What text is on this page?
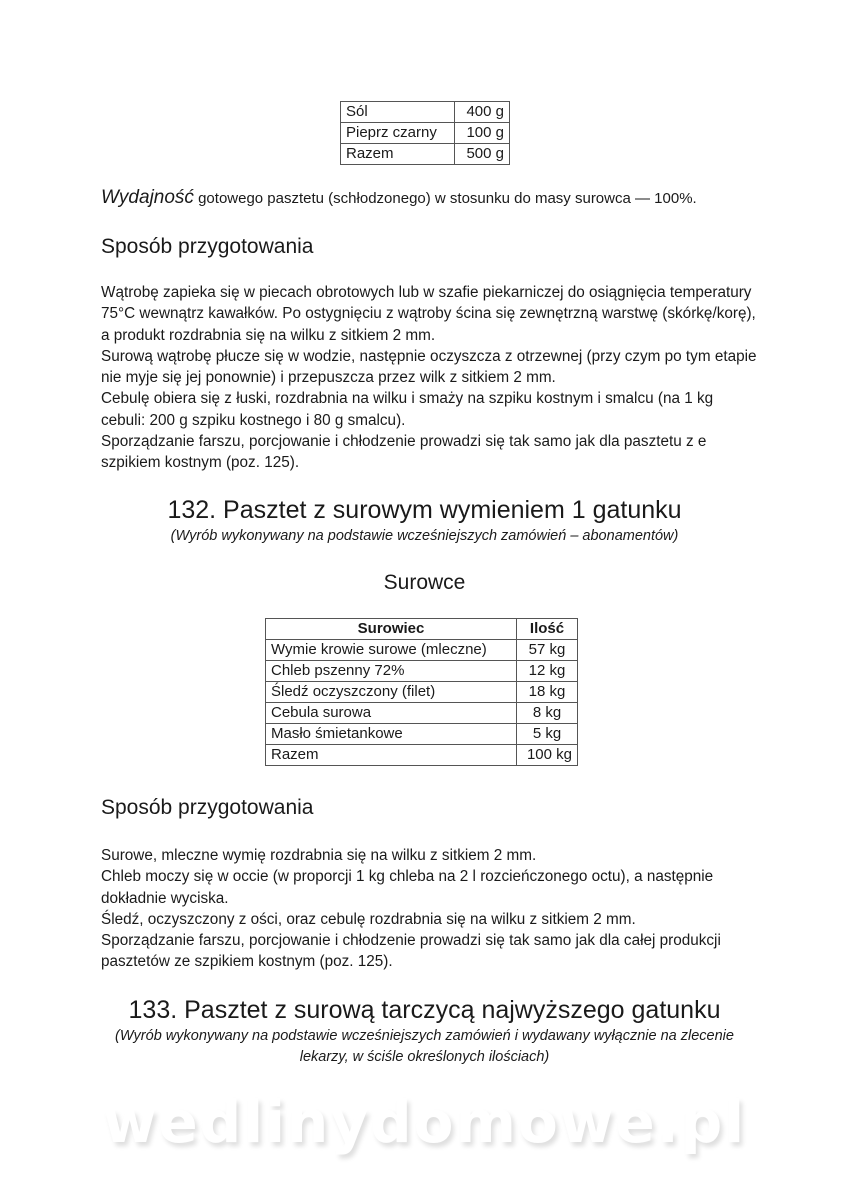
Sól	400 g
Pieprz czarny	100 g
Razem	500 g
Wydajność gotowego pasztetu (schłodzonego) w stosunku do masy surowca — 100%.
Sposób przygotowania

Wątrobę zapieka się w piecach obrotowych lub w szafie piekarniczej do osiągnięcia temperatury 75°C wewnątrz kawałków. Po ostygnięciu z wątroby ścina się zewnętrzną warstwę (skórkę/korę), a produkt rozdrabnia się na wilku z sitkiem 2 mm.

Surową wątrobę płucze się w wodzie, następnie oczyszcza z otrzewnej (przy czym po tym etapie nie myje się jej ponownie) i przepuszcza przez wilk z sitkiem 2 mm.

Cebulę obiera się z łuski, rozdrabnia na wilku i smaży na szpiku kostnym i smalcu (na 1 kg cebuli: 200 g szpiku kostnego i 80 g smalcu).

Sporządzanie farszu, porcjowanie i chłodzenie prowadzi się tak samo jak dla pasztetu z e szpikiem kostnym (poz. 125).

132. Pasztet z surowym wymieniem 1 gatunku

(Wyrób wykonywany na podstawie wcześniejszych zamówień – abonamentów)

Surowce
Surowiec	Ilość
Wymie krowie surowe (mleczne)	57 kg
Chleb pszenny 72%	12 kg
Śledź oczyszczony (filet)	18 kg
Cebula surowa	8 kg
Masło śmietankowe	5 kg
Razem	100 kg
Sposób przygotowania

Surowe, mleczne wymię rozdrabnia się na wilku z sitkiem 2 mm.

Chleb moczy się w occie (w proporcji 1 kg chleba na 2 l rozcieńczonego octu), a następnie dokładnie wyciska.

Śledź, oczyszczony z ości, oraz cebulę rozdrabnia się na wilku z sitkiem 2 mm.

Sporządzanie farszu, porcjowanie i chłodzenie prowadzi się tak samo jak dla całej produkcji pasztetów ze szpikiem kostnym (poz. 125).

133. Pasztet z surową tarczycą najwyższego gatunku

(Wyrób wykonywany na podstawie wcześniejszych zamówień i wydawany wyłącznie na zlecenie lekarzy, w ściśle określonych ilościach)

wedlinydomowe.pl
